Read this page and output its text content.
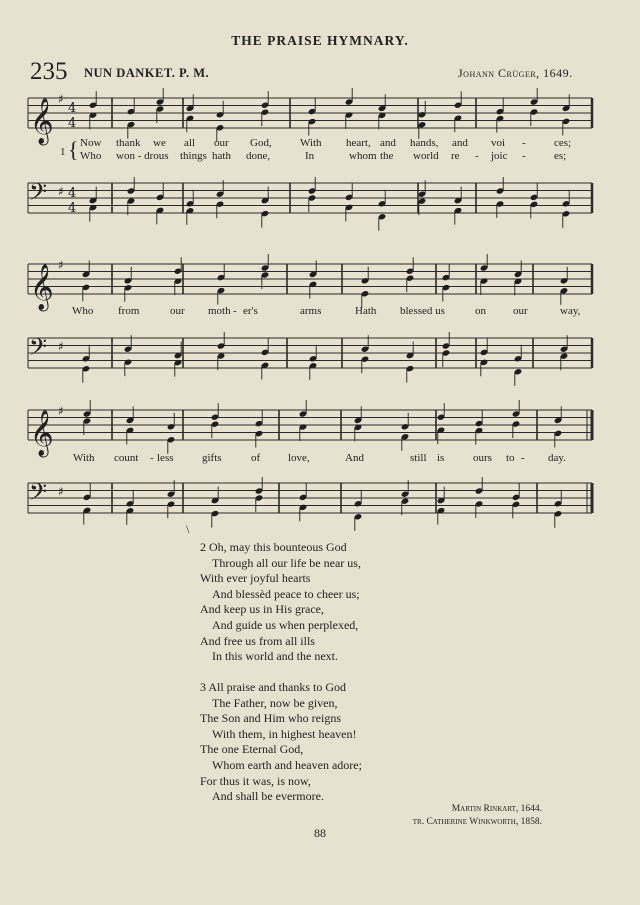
THE PRAISE HYMNARY.
235 NUN DANKET. P. M.	Johann Crüger, 1649.
𝄞 ♯
4
4
𝄢 ♯ 4
4
1 { Now thank we all our God,	With heart, and hands, and voi -	ces;
Who won - drous things hath done,	In	whom the world re - joic -	es;
𝄞 ♯
𝄢 ♯
Who from	our moth - er's	arms	Hath blessed us	on our	way,
𝄞 ♯
𝄢 ♯
With count - less	gifts	of	love,	And	still is	ours to - day.
\
2 Oh, may this bounteous God
Through all our life be near us,
With ever joyful hearts
And blessèd peace to cheer us;
And keep us in His grace,
And guide us when perplexed,
And free us from all ills
In this world and the next.
3 All praise and thanks to God
The Father, now be given,
The Son and Him who reigns
With them, in highest heaven!
The one Eternal God,
Whom earth and heaven adore;
For thus it was, is now,
And shall be evermore.
Martin Rinkart, 1644.
tr. Catherine Winkworth, 1858.
88
